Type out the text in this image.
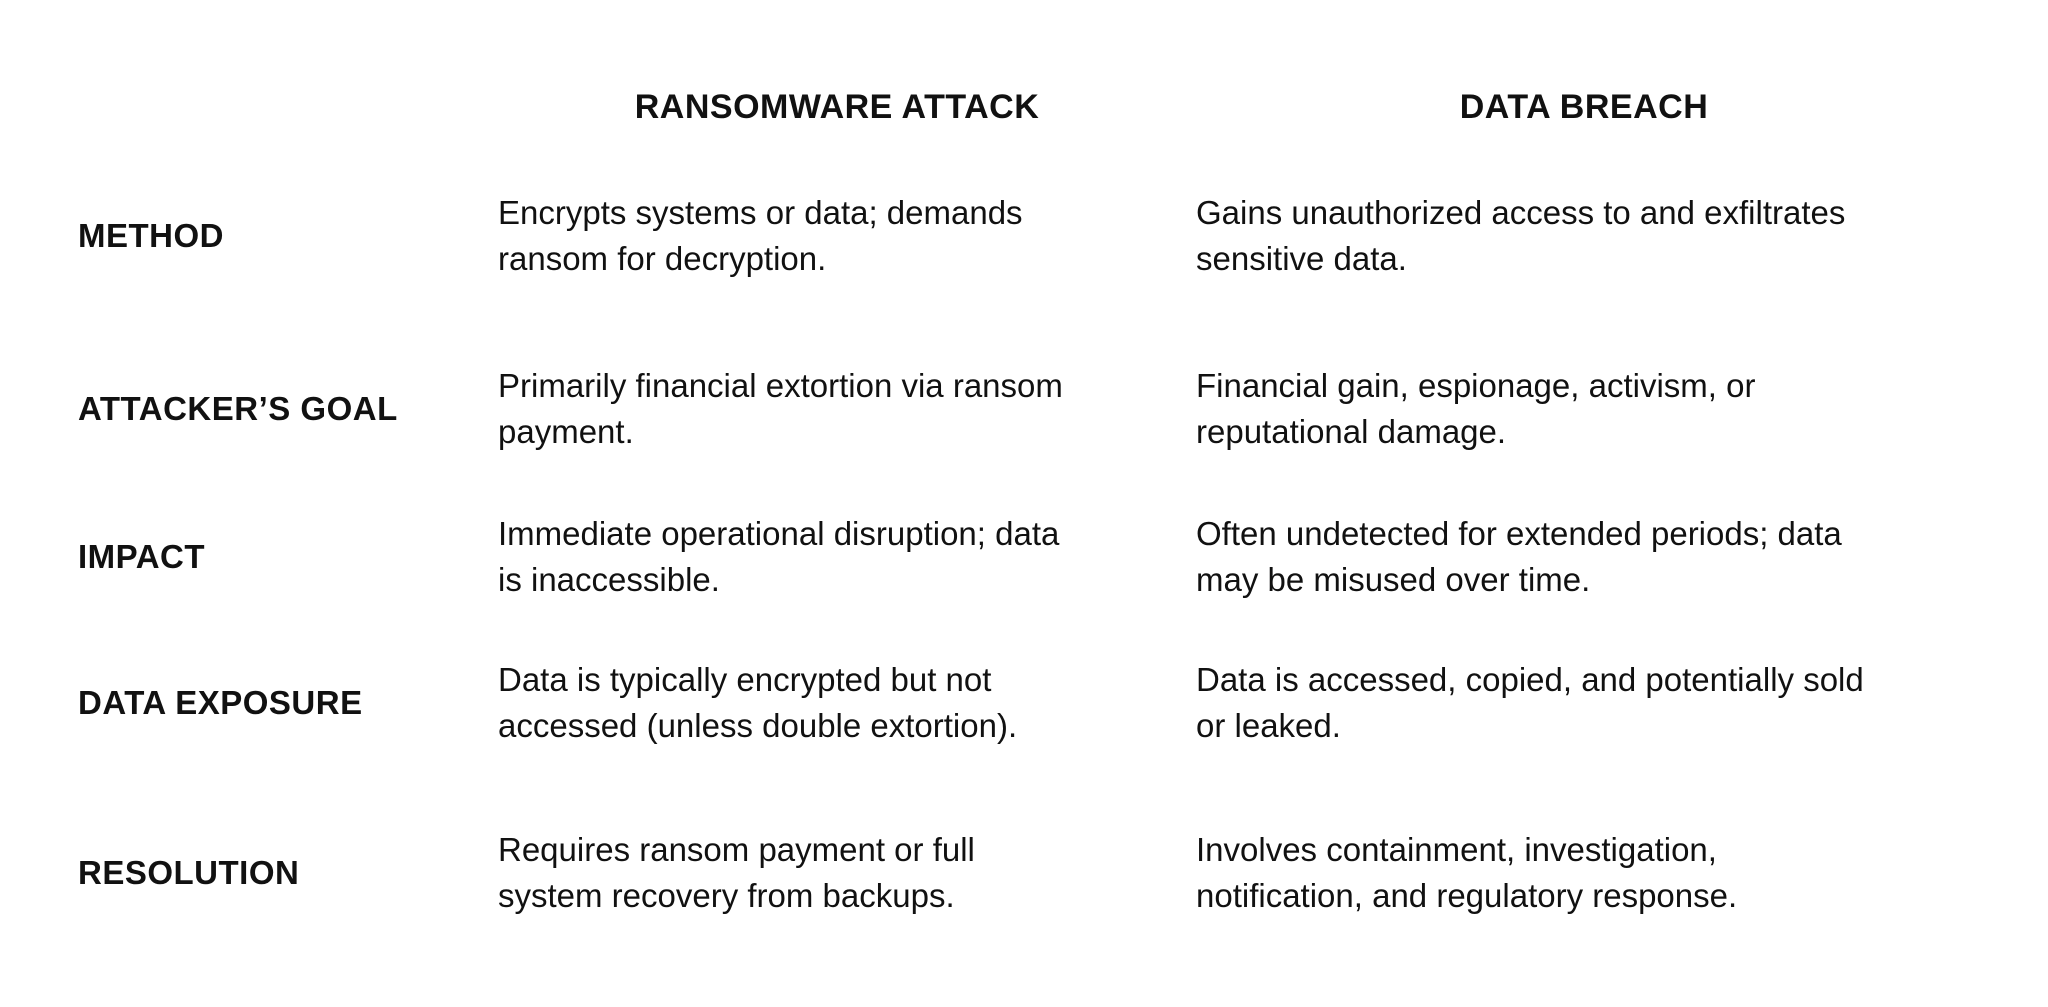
RANSOMWARE ATTACK	DATA BREACH
METHOD
Encrypts systems or data; demands
ransom for decryption.
Gains unauthorized access to and exfiltrates
sensitive data.
ATTACKER’S GOAL
Primarily financial extortion via ransom
payment.
Financial gain, espionage, activism, or
reputational damage.
IMPACT
Immediate operational disruption; data
is inaccessible.
Often undetected for extended periods; data
may be misused over time.
DATA EXPOSURE
Data is typically encrypted but not
accessed (unless double extortion).
Data is accessed, copied, and potentially sold
or leaked.
RESOLUTION
Requires ransom payment or full
system recovery from backups.
Involves containment, investigation,
notification, and regulatory response.
